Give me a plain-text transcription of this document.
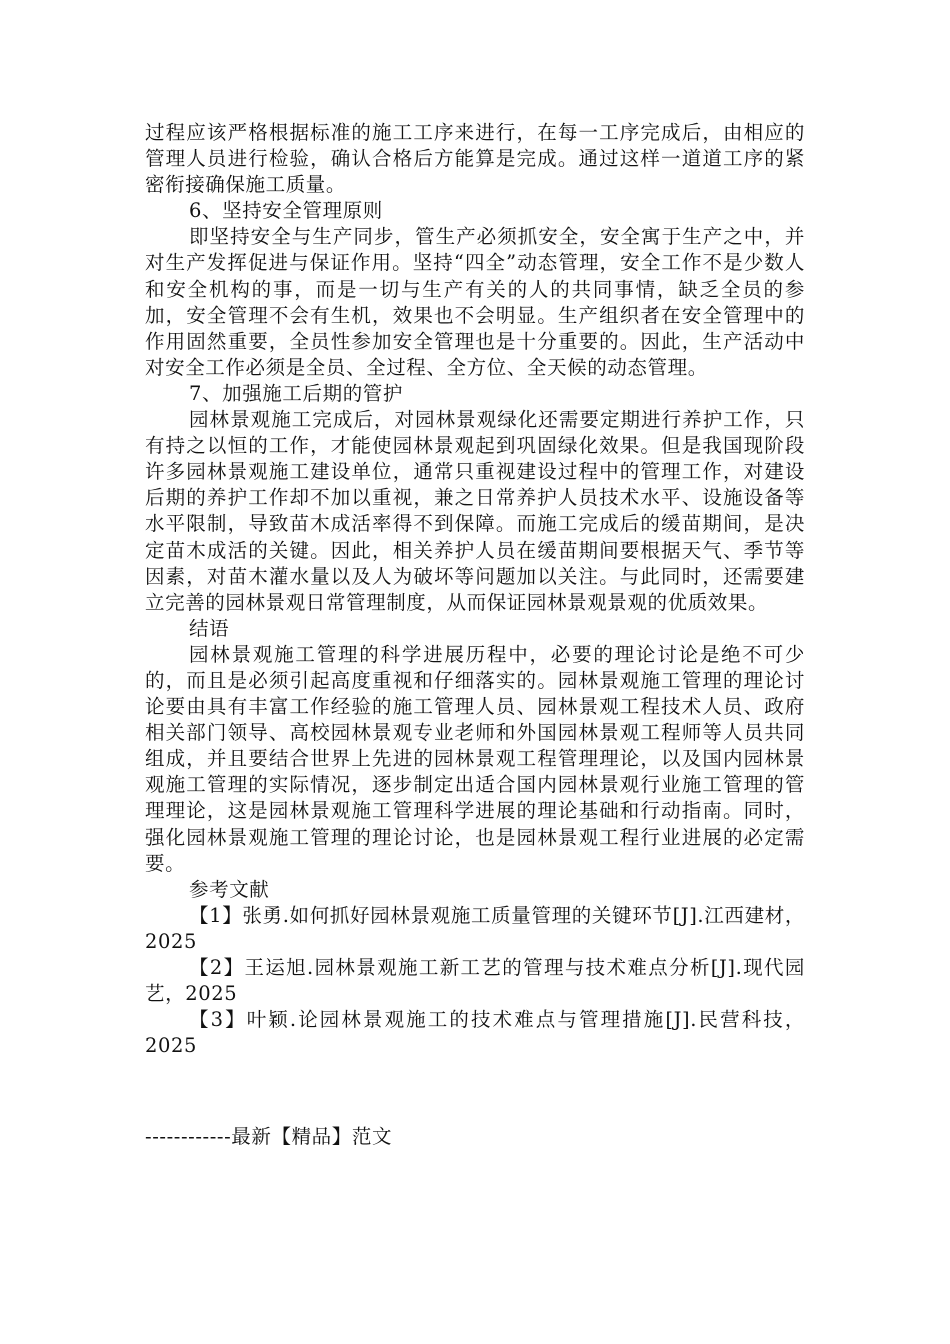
过程应该严格根据标准的施工工序来进行，在每一工序完成后，由相应的管理人员进行检验，确认合格后方能算是完成。通过这样一道道工序的紧密衔接确保施工质量。

6、坚持安全管理原则

即坚持安全与生产同步，管生产必须抓安全，安全寓于生产之中，并对生产发挥促进与保证作用。坚持“四全”动态管理，安全工作不是少数人和安全机构的事，而是一切与生产有关的人的共同事情，缺乏全员的参加，安全管理不会有生机，效果也不会明显。生产组织者在安全管理中的作用固然重要，全员性参加安全管理也是十分重要的。因此，生产活动中对安全工作必须是全员、全过程、全方位、全天候的动态管理。

7、加强施工后期的管护

园林景观施工完成后，对园林景观绿化还需要定期进行养护工作，只有持之以恒的工作，才能使园林景观起到巩固绿化效果。但是我国现阶段许多园林景观施工建设单位，通常只重视建设过程中的管理工作，对建设后期的养护工作却不加以重视，兼之日常养护人员技术水平、设施设备等水平限制，导致苗木成活率得不到保障。而施工完成后的缓苗期间，是决定苗木成活的关键。因此，相关养护人员在缓苗期间要根据天气、季节等因素，对苗木灌水量以及人为破坏等问题加以关注。与此同时，还需要建立完善的园林景观日常管理制度，从而保证园林景观景观的优质效果。

结语

园林景观施工管理的科学进展历程中，必要的理论讨论是绝不可少的，而且是必须引起高度重视和仔细落实的。园林景观施工管理的理论讨论要由具有丰富工作经验的施工管理人员、园林景观工程技术人员、政府相关部门领导、高校园林景观专业老师和外国园林景观工程师等人员共同组成，并且要结合世界上先进的园林景观工程管理理论，以及国内园林景观施工管理的实际情况，逐步制定出适合国内园林景观行业施工管理的管理理论，这是园林景观施工管理科学进展的理论基础和行动指南。同时，强化园林景观施工管理的理论讨论，也是园林景观工程行业进展的必定需要。

参考文献

【1】张勇.如何抓好园林景观施工质量管理的关键环节[J].江西建材，2025

【2】王运旭.园林景观施工新工艺的管理与技术难点分析[J].现代园艺，2025

【3】叶颖.论园林景观施工的技术难点与管理措施[J].民营科技，2025

------------最新【精品】范文
